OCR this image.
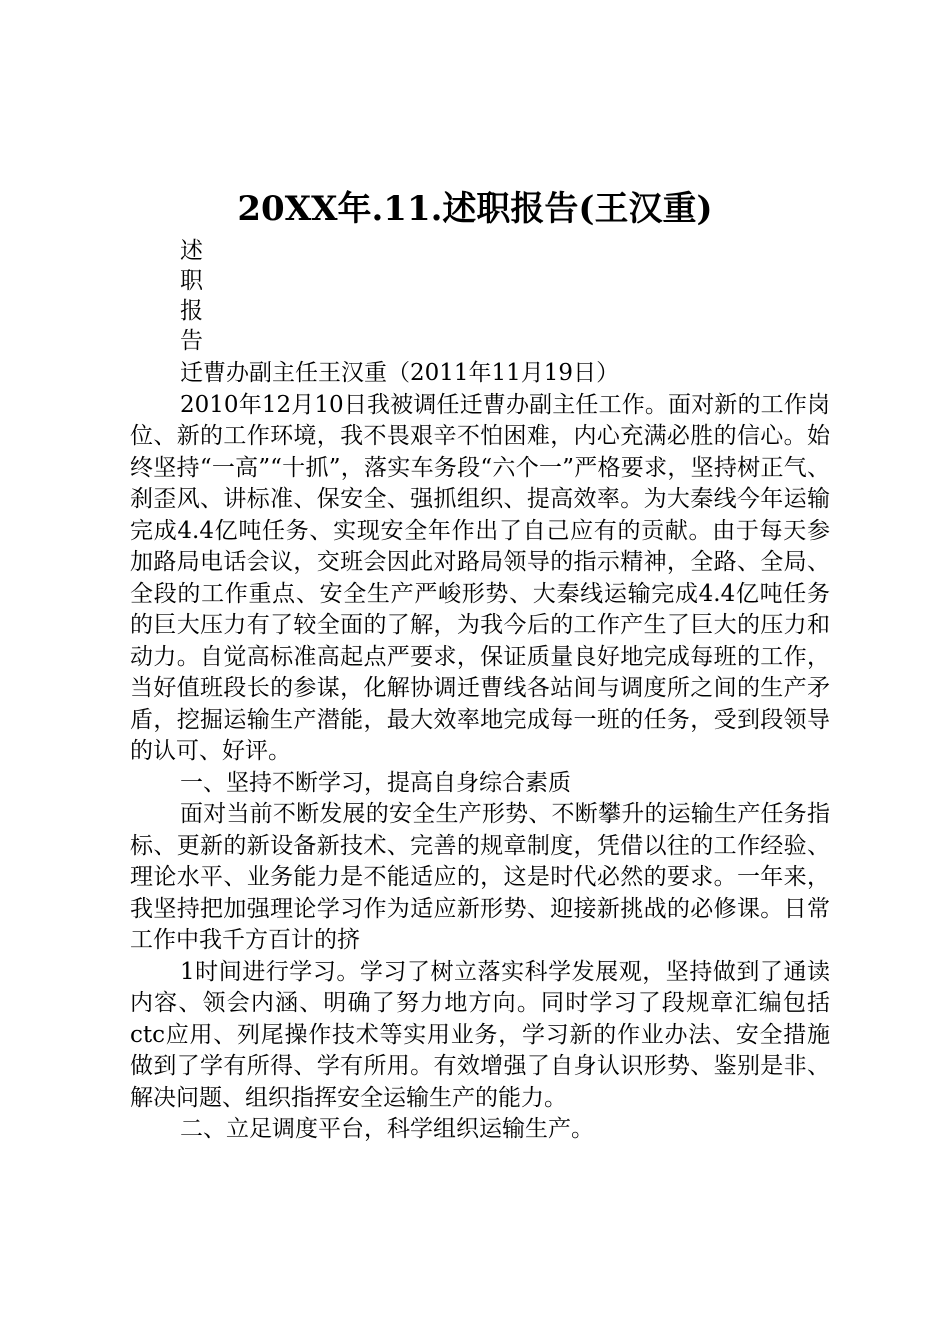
20XX年.11.述职报告(王汉重)
述
职
报
告

迁曹办副主任王汉重（2011年11月19日）

2010年12月10日我被调任迁曹办副主任工作。面对新的工作岗位、新的工作环境，我不畏艰辛不怕困难，内心充满必胜的信心。始终坚持“一高”“十抓”，落实车务段“六个一”严格要求，坚持树正气、刹歪风、讲标准、保安全、强抓组织、提高效率。为大秦线今年运输完成4.4亿吨任务、实现安全年作出了自己应有的贡献。由于每天参加路局电话会议，交班会因此对路局领导的指示精神，全路、全局、全段的工作重点、安全生产严峻形势、大秦线运输完成4.4亿吨任务的巨大压力有了较全面的了解，为我今后的工作产生了巨大的压力和动力。自觉高标准高起点严要求，保证质量良好地完成每班的工作，当好值班段长的参谋，化解协调迁曹线各站间与调度所之间的生产矛盾，挖掘运输生产潜能，最大效率地完成每一班的任务，受到段领导的认可、好评。

一、坚持不断学习，提高自身综合素质

面对当前不断发展的安全生产形势、不断攀升的运输生产任务指标、更新的新设备新技术、完善的规章制度，凭借以往的工作经验、理论水平、业务能力是不能适应的，这是时代必然的要求。一年来，我坚持把加强理论学习作为适应新形势、迎接新挑战的必修课。日常工作中我千方百计的挤

1时间进行学习。学习了树立落实科学发展观，坚持做到了通读内容、领会内涵、明确了努力地方向。同时学习了段规章汇编包括ctc应用、列尾操作技术等实用业务，学习新的作业办法、安全措施做到了学有所得、学有所用。有效增强了自身认识形势、鉴别是非、解决问题、组织指挥安全运输生产的能力。

二、立足调度平台，科学组织运输生产。
